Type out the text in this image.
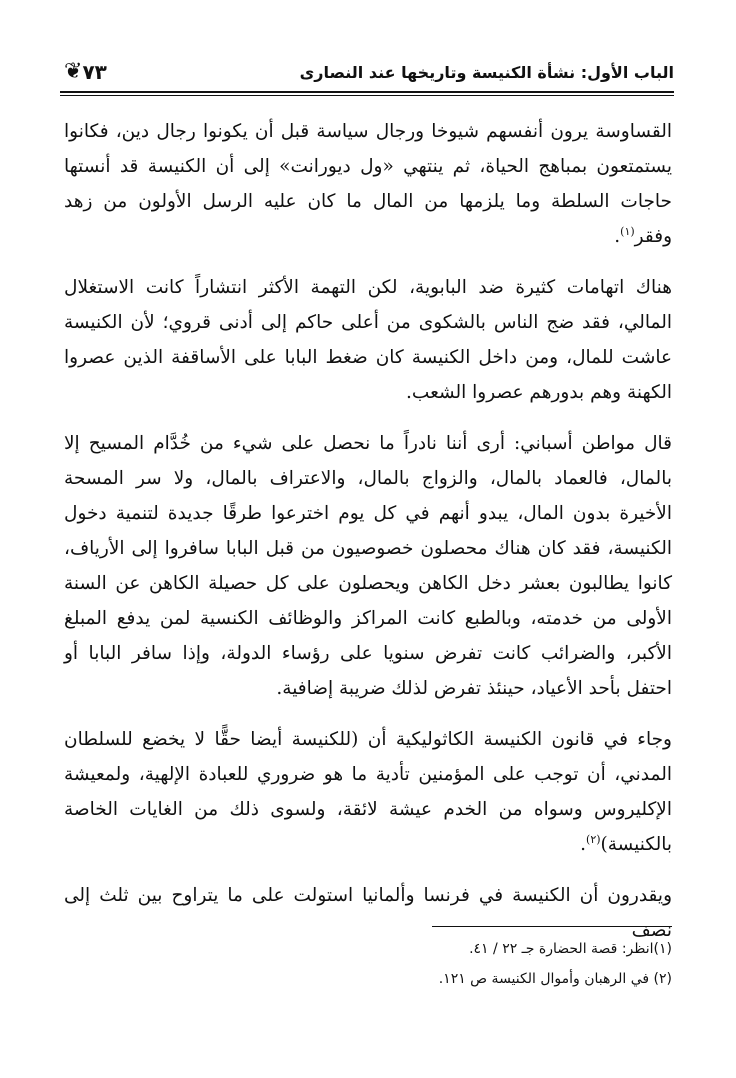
الباب الأول: نشأة الكنيسة وتاريخها عند النصارى
٧٣
❦

القساوسة يرون أنفسهم شيوخا ورجال سياسة قبل أن يكونوا رجال دين، فكانوا يستمتعون بمباهج الحياة، ثم ينتهي «ول ديورانت» إلى أن الكنيسة قد أنستها حاجات السلطة وما يلزمها من المال ما كان عليه الرسل الأولون من زهد وفقر$^{(١)}$.

هناك اتهامات كثيرة ضد البابوية، لكن التهمة الأكثر انتشاراً كانت الاستغلال المالي، فقد ضج الناس بالشكوى من أعلى حاكم إلى أدنى قروي؛ لأن الكنيسة عاشت للمال، ومن داخل الكنيسة كان ضغط البابا على الأساقفة الذين عصروا الكهنة وهم بدورهم عصروا الشعب.

قال مواطن أسباني: أرى أننا نادراً ما نحصل على شيء من خُدَّام المسيح إلا بالمال، فالعماد بالمال، والزواج بالمال، والاعتراف بالمال، ولا سر المسحة الأخيرة بدون المال، يبدو أنهم في كل يوم اخترعوا طرقًا جديدة لتنمية دخول الكنيسة، فقد كان هناك محصلون خصوصيون من قبل البابا سافروا إلى الأرياف، كانوا يطالبون بعشر دخل الكاهن ويحصلون على كل حصيلة الكاهن عن السنة الأولى من خدمته، وبالطبع كانت المراكز والوظائف الكنسية لمن يدفع المبلغ الأكبر، والضرائب كانت تفرض سنويا على رؤساء الدولة، وإذا سافر البابا أو احتفل بأحد الأعياد، حينئذ تفرض لذلك ضريبة إضافية.

وجاء في قانون الكنيسة الكاثوليكية أن (للكنيسة أيضا حقًّا لا يخضع للسلطان المدني، أن توجب على المؤمنين تأدية ما هو ضروري للعبادة الإلهية، ولمعيشة الإكليروس وسواه من الخدم عيشة لائقة، ولسوى ذلك من الغايات الخاصة بالكنيسة)$^{(٢)}$.

ويقدرون أن الكنيسة في فرنسا وألمانيا استولت على ما يتراوح بين ثلث إلى نصف

(١)انظر: قصة الحضارة جـ ٢٢ / ٤١.
(٢) في الرهبان وأموال الكنيسة ص ١٢١.
